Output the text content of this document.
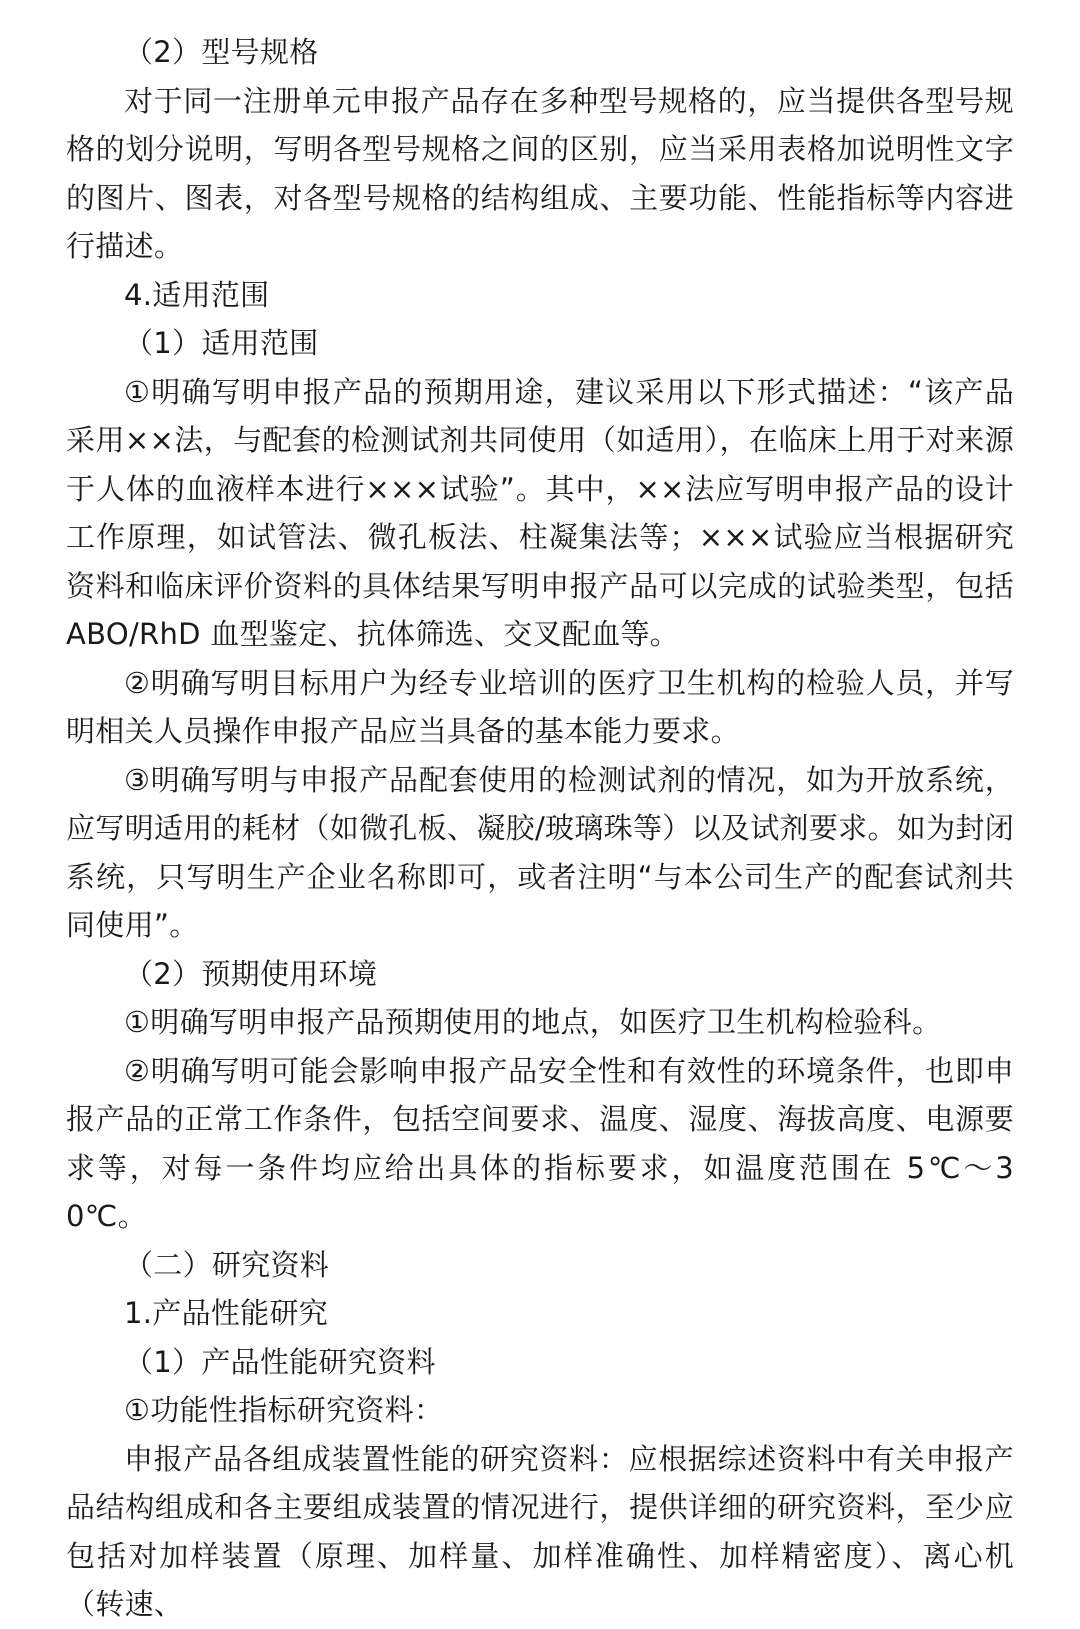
（2）型号规格

对于同一注册单元申报产品存在多种型号规格的，应当提供各型号规格的划分说明，写明各型号规格之间的区别，应当采用表格加说明性文字的图片、图表，对各型号规格的结构组成、主要功能、性能指标等内容进行描述。

4.适用范围

（1）适用范围

①明确写明申报产品的预期用途，建议采用以下形式描述：“该产品采用××法，与配套的检测试剂共同使用（如适用），在临床上用于对来源于人体的血液样本进行×××试验”。其中，××法应写明申报产品的设计工作原理，如试管法、微孔板法、柱凝集法等；×××试验应当根据研究资料和临床评价资料的具体结果写明申报产品可以完成的试验类型，包括ABO/RhD 血型鉴定、抗体筛选、交叉配血等。

②明确写明目标用户为经专业培训的医疗卫生机构的检验人员，并写明相关人员操作申报产品应当具备的基本能力要求。

③明确写明与申报产品配套使用的检测试剂的情况，如为开放系统，应写明适用的耗材（如微孔板、凝胶/玻璃珠等）以及试剂要求。如为封闭系统，只写明生产企业名称即可，或者注明“与本公司生产的配套试剂共同使用”。

（2）预期使用环境

①明确写明申报产品预期使用的地点，如医疗卫生机构检验科。

②明确写明可能会影响申报产品安全性和有效性的环境条件，也即申报产品的正常工作条件，包括空间要求、温度、湿度、海拔高度、电源要求等，对每一条件均应给出具体的指标要求，如温度范围在 5℃～30℃。

（二）研究资料

1.产品性能研究

（1）产品性能研究资料

①功能性指标研究资料：

申报产品各组成装置性能的研究资料：应根据综述资料中有关申报产品结构组成和各主要组成装置的情况进行，提供详细的研究资料，至少应包括对加样装置（原理、加样量、加样准确性、加样精密度）、离心机（转速、
